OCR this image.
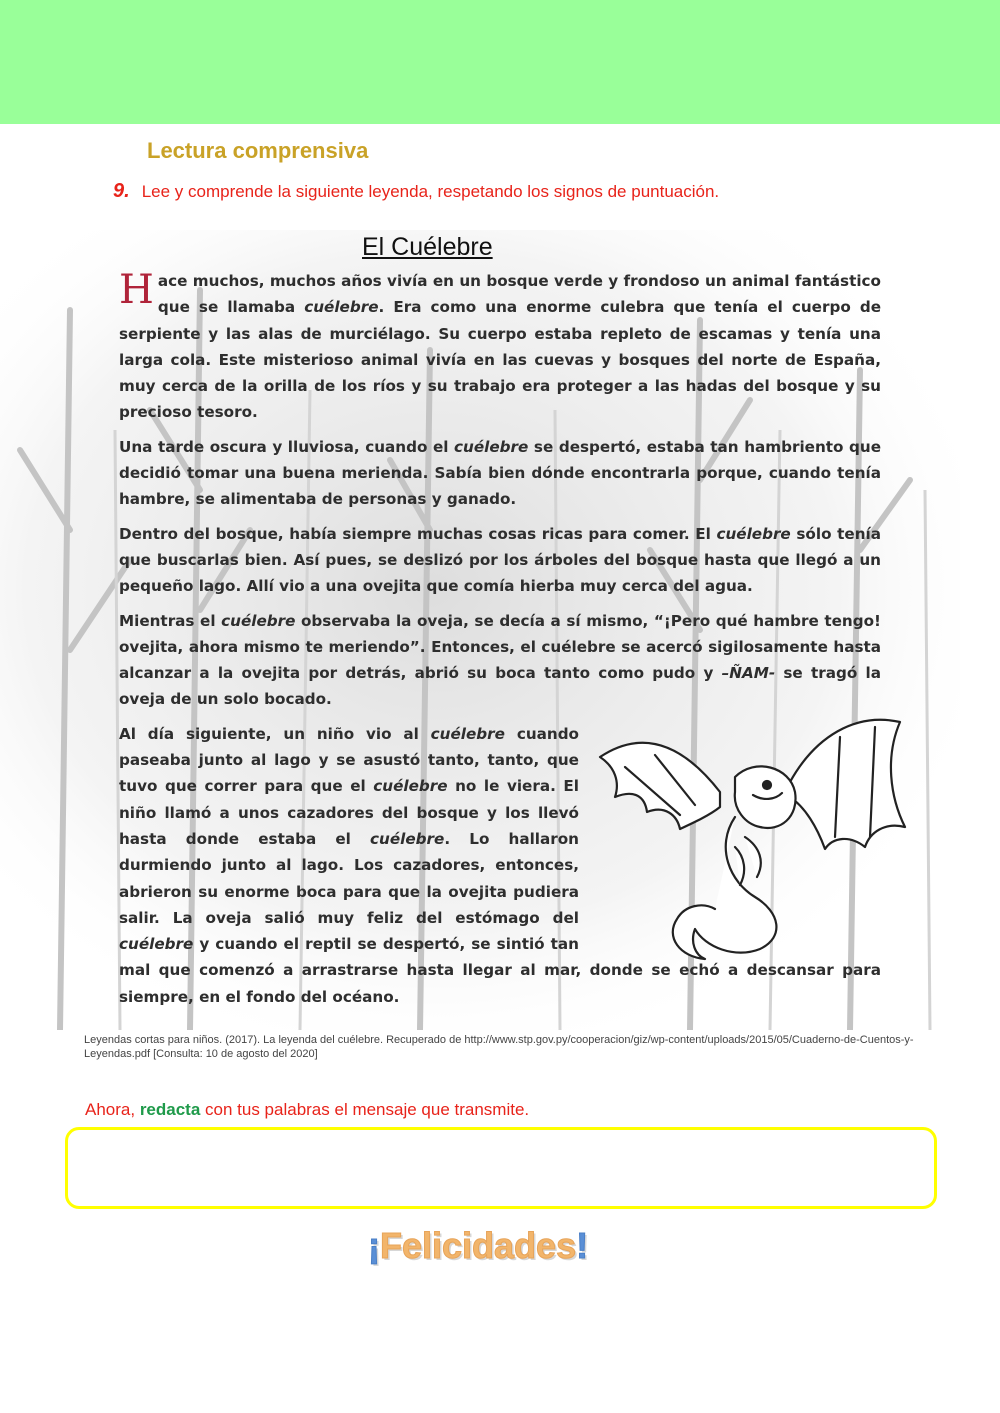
Lectura comprensiva
9. Lee y comprende la siguiente leyenda, respetando los signos de puntuación.
El Cuélebre

Hace muchos, muchos años vivía en un bosque verde y frondoso un animal fantástico que se llamaba cuélebre. Era como una enorme culebra que tenía el cuerpo de serpiente y las alas de murciélago. Su cuerpo estaba repleto de escamas y tenía una larga cola. Este misterioso animal vivía en las cuevas y bosques del norte de España, muy cerca de la orilla de los ríos y su trabajo era proteger a las hadas del bosque y su precioso tesoro.

Una tarde oscura y lluviosa, cuando el cuélebre se despertó, estaba tan hambriento que decidió tomar una buena merienda. Sabía bien dónde encontrarla porque, cuando tenía hambre, se alimentaba de personas y ganado.

Dentro del bosque, había siempre muchas cosas ricas para comer. El cuélebre sólo tenía que buscarlas bien. Así pues, se deslizó por los árboles del bosque hasta que llegó a un pequeño lago. Allí vio a una ovejita que comía hierba muy cerca del agua.

Mientras el cuélebre observaba la oveja, se decía a sí mismo, “¡Pero qué hambre tengo! ovejita, ahora mismo te meriendo”. Entonces, el cuélebre se acercó sigilosamente hasta alcanzar a la ovejita por detrás, abrió su boca tanto como pudo y –ÑAM- se tragó la oveja de un solo bocado.

Al día siguiente, un niño vio al cuélebre cuando paseaba junto al lago y se asustó tanto, tanto, que tuvo que correr para que el cuélebre no le viera. El niño llamó a unos cazadores del bosque y los llevó hasta donde estaba el cuélebre. Lo hallaron durmiendo junto al lago. Los cazadores, entonces, abrieron su enorme boca para que la ovejita pudiera salir. La oveja salió muy feliz del estómago del cuélebre y cuando el reptil se despertó, se sintió tan mal que comenzó a arrastrarse hasta llegar al mar, donde se echó a descansar para siempre, en el fondo del océano.

Leyendas cortas para niños. (2017). La leyenda del cuélebre. Recuperado de http://www.stp.gov.py/cooperacion/giz/wp-content/uploads/2015/05/Cuaderno-de-Cuentos-y-Leyendas.pdf [Consulta: 10 de agosto del 2020]

Ahora, redacta con tus palabras el mensaje que transmite.
¡Felicidades!
